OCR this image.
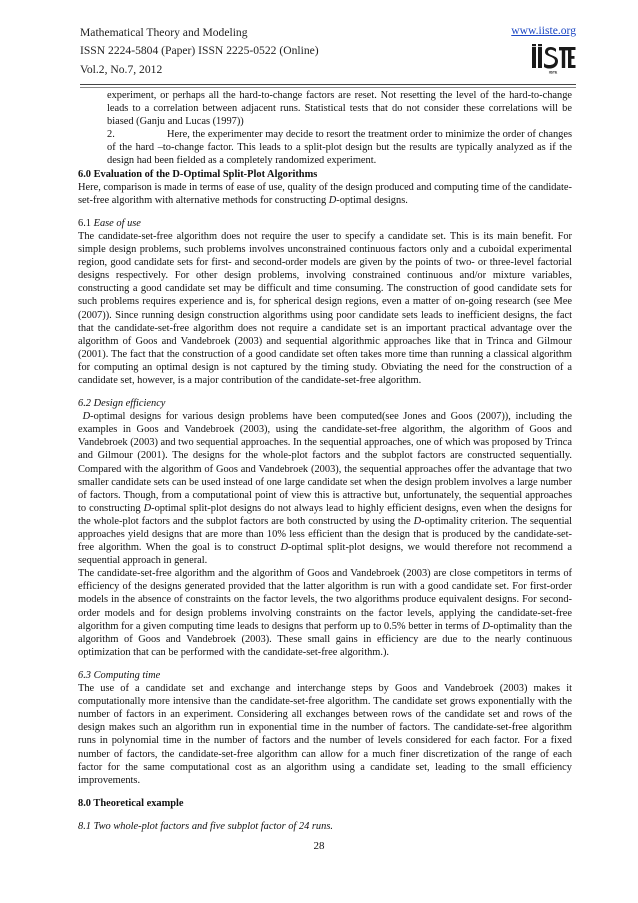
Mathematical Theory and Modeling
ISSN 2224-5804 (Paper) ISSN 2225-0522 (Online)
Vol.2, No.7, 2012
www.iiste.org
IISTE

experiment, or perhaps all the hard-to-change factors are reset. Not resetting the level of the hard-to-change leads to a correlation between adjacent runs. Statistical tests that do not consider these correlations will be biased (Ganju and Lucas (1997))

2.	Here, the experimenter may decide to resort the treatment order to minimize the order of changes of the hard –to-change factor. This leads to a split-plot design but the results are typically analyzed as if the design had been fielded as a completely randomized experiment.

6.0 Evaluation of the D-Optimal Split-Plot Algorithms

Here, comparison is made in terms of ease of use, quality of the design produced and computing time of the candidate-set-free algorithm with alternative methods for constructing D-optimal designs.

6.1 Ease of use

The candidate-set-free algorithm does not require the user to specify a candidate set. This is its main benefit. For simple design problems, such problems involves unconstrained continuous factors only and a cuboidal experimental region, good candidate sets for first- and second-order models are given by the points of two- or three-level factorial designs respectively. For other design problems, involving constrained continuous and/or mixture variables, constructing a good candidate set may be difficult and time consuming. The construction of good candidate sets for such problems requires experience and is, for spherical design regions, even a matter of on-going research (see Mee (2007)). Since running design construction algorithms using poor candidate sets leads to inefficient designs, the fact that the candidate-set-free algorithm does not require a candidate set is an important practical advantage over the algorithm of Goos and Vandebroek (2003) and sequential algorithmic approaches like that in Trinca and Gilmour (2001). The fact that the construction of a good candidate set often takes more time than running a classical algorithm for computing an optimal design is not captured by the timing study. Obviating the need for the construction of a candidate set, however, is a major contribution of the candidate-set-free algorithm.

6.2 Design efficiency

D-optimal designs for various design problems have been computed(see Jones and Goos (2007)), including the examples in Goos and Vandebroek (2003), using the candidate-set-free algorithm, the algorithm of Goos and Vandebroek (2003) and two sequential approaches. In the sequential approaches, one of which was proposed by Trinca and Gilmour (2001). The designs for the whole-plot factors and the subplot factors are constructed sequentially. Compared with the algorithm of Goos and Vandebroek (2003), the sequential approaches offer the advantage that two smaller candidate sets can be used instead of one large candidate set when the design problem involves a large number of factors. Though, from a computational point of view this is attractive but, unfortunately, the sequential approaches to constructing D-optimal split-plot designs do not always lead to highly efficient designs, even when the designs for the whole-plot factors and the subplot factors are both constructed by using the D-optimality criterion. The sequential approaches yield designs that are more than 10% less efficient than the design that is produced by the candidate-set-free algorithm. When the goal is to construct D-optimal split-plot designs, we would therefore not recommend a sequential approach in general.

The candidate-set-free algorithm and the algorithm of Goos and Vandebroek (2003) are close competitors in terms of efficiency of the designs generated provided that the latter algorithm is run with a good candidate set. For first-order models in the absence of constraints on the factor levels, the two algorithms produce equivalent designs. For second-order models and for design problems involving constraints on the factor levels, applying the candidate-set-free algorithm for a given computing time leads to designs that perform up to 0.5% better in terms of D-optimality than the algorithm of Goos and Vandebroek (2003). These small gains in efficiency are due to the nearly continuous optimization that can be performed with the candidate-set-free algorithm.).

6.3 Computing time

The use of a candidate set and exchange and interchange steps by Goos and Vandebroek (2003) makes it computationally more intensive than the candidate-set-free algorithm. The candidate set grows exponentially with the number of factors in an experiment. Considering all exchanges between rows of the candidate set and rows of the design makes such an algorithm run in exponential time in the number of factors. The candidate-set-free algorithm runs in polynomial time in the number of factors and the number of levels considered for each factor. For a fixed number of factors, the candidate-set-free algorithm can allow for a much finer discretization of the range of each factor for the same computational cost as an algorithm using a candidate set, leading to the small efficiency improvements.

8.0 Theoretical example

8.1 Two whole-plot factors and five subplot factor of 24 runs.

28
